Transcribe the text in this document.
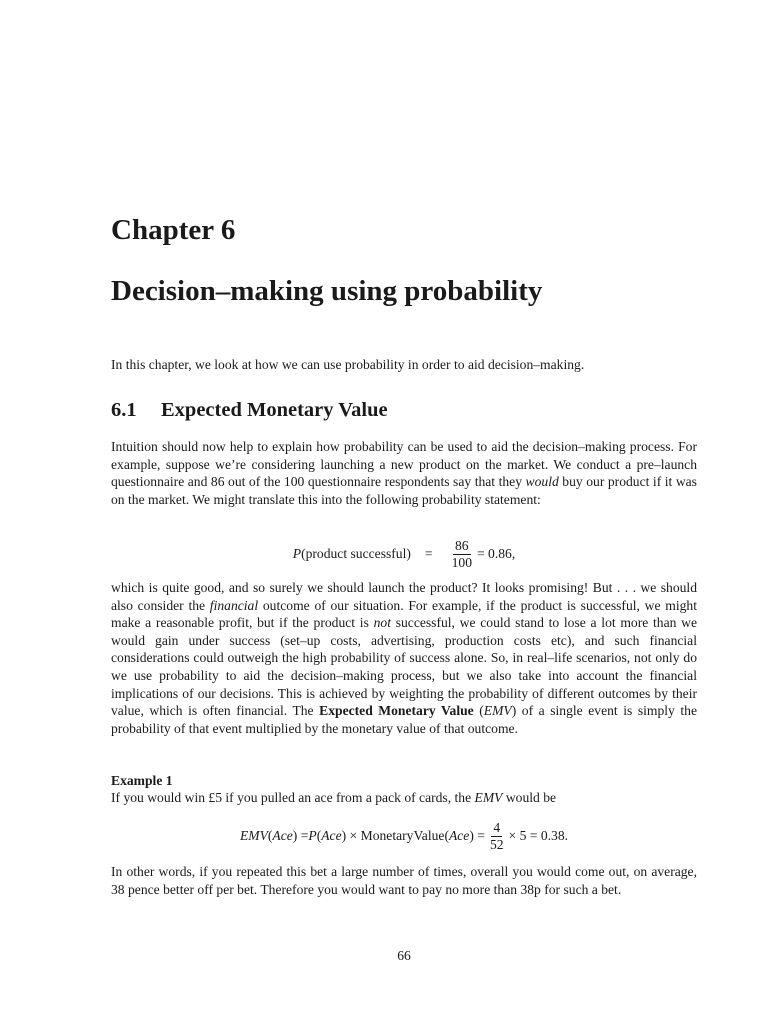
Chapter 6
Decision–making using probability

In this chapter, we look at how we can use probability in order to aid decision–making.

6.1 Expected Monetary Value

Intuition should now help to explain how probability can be used to aid the decision–making process. For example, suppose we’re considering launching a new product on the market. We conduct a pre–launch questionnaire and 86 out of the 100 questionnaire respondents say that they would buy our product if it was on the market. We might translate this into the following probability statement:

P (product successful) = $\frac{86}{100} = 0.86$,

which is quite good, and so surely we should launch the product? It looks promising! But . . . we should also consider the financial outcome of our situation. For example, if the product is successful, we might make a reasonable profit, but if the product is not successful, we could stand to lose a lot more than we would gain under success (set–up costs, advertising, production costs etc), and such financial considerations could outweigh the high probability of success alone. So, in real–life scenarios, not only do we use probability to aid the decision–making process, but we also take into account the financial implications of our decisions. This is achieved by weighting the probability of different outcomes by their value, which is often financial. The Expected Monetary Value (EMV) of a single event is simply the probability of that event multiplied by the monetary value of that outcome.

Example 1

If you would win £5 if you pulled an ace from a pack of cards, the EMV would be

EMV ( Ace ) = P ( Ace ) ×
MonetaryValue ( Ace ) = $\frac{4}{52} \times 5 = 0.38$.

In other words, if you repeated this bet a large number of times, overall you would come out, on average, 38 pence better off per bet. Therefore you would want to pay no more than 38p for such a bet.

66
